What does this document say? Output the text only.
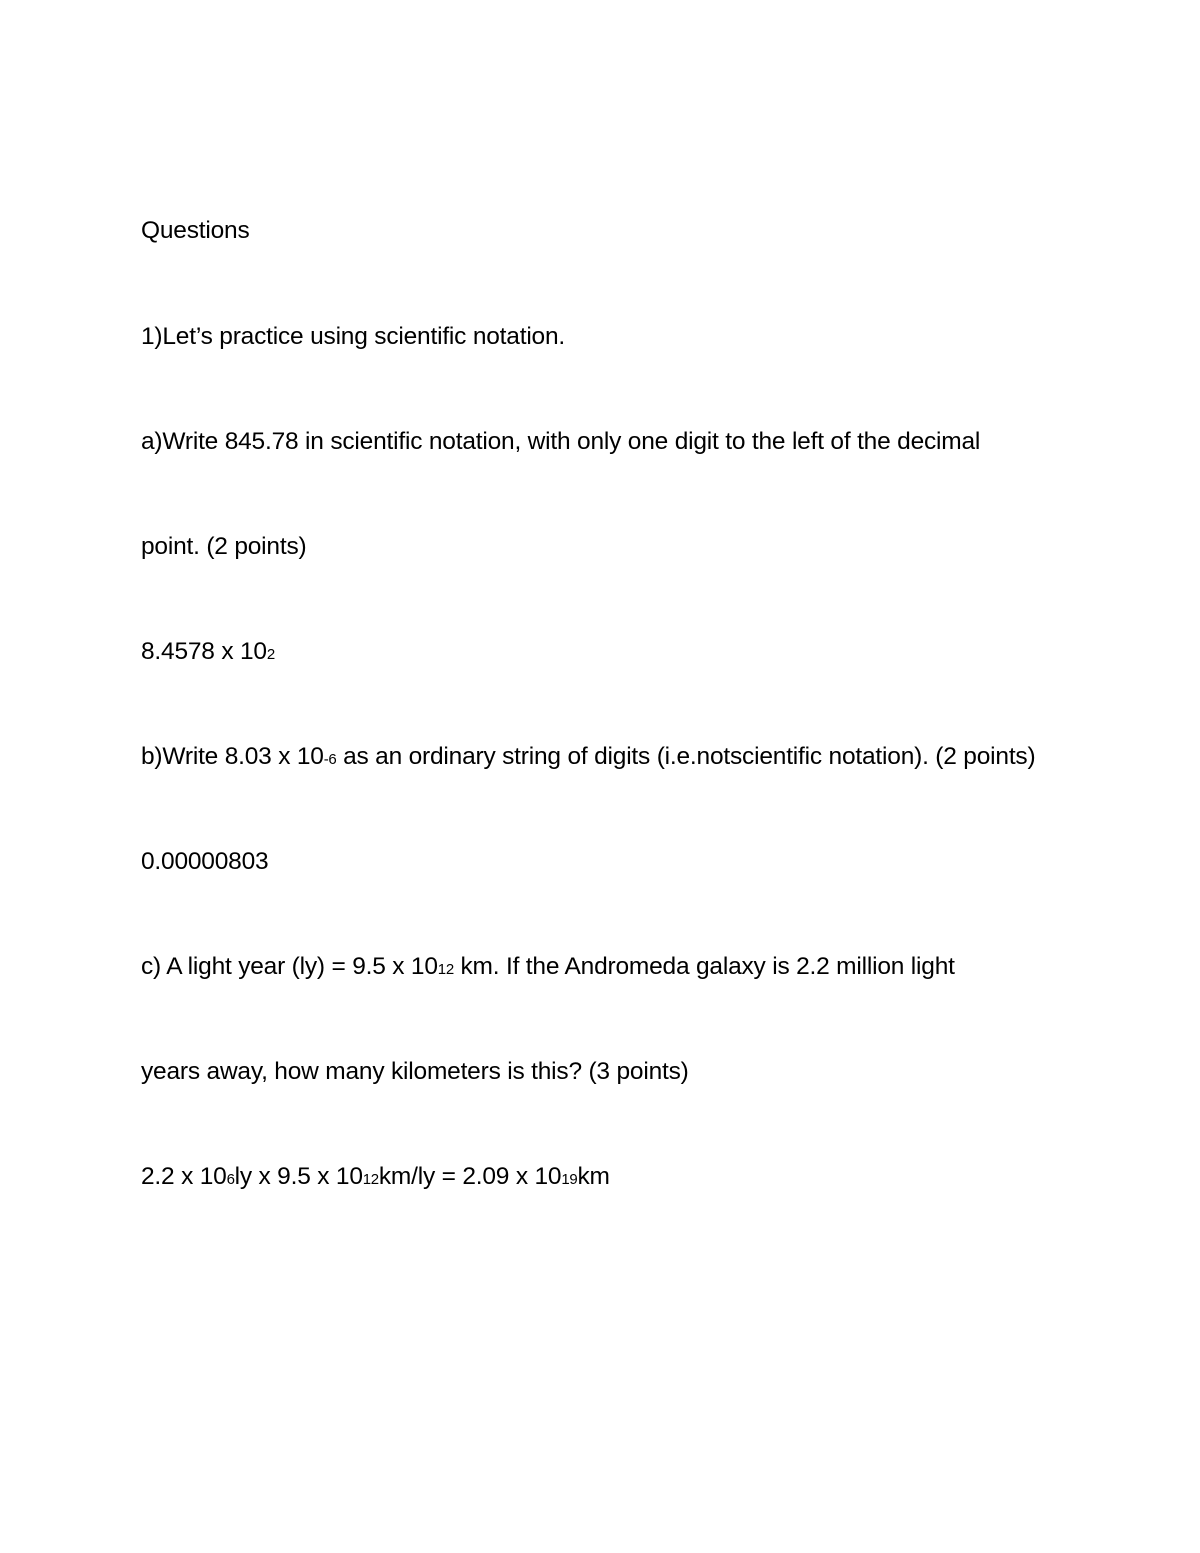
Questions
1)Let’s practice using scientific notation.
a)Write 845.78 in scientific notation, with only one digit to the left of the decimal
point. (2 points)
8.4578 x 102
b)Write 8.03 x 10-6 as an ordinary string of digits (i.e.notscientific notation). (2 points)
0.00000803
c) A light year (ly) = 9.5 x 1012 km. If the Andromeda galaxy is 2.2 million light
years away, how many kilometers is this? (3 points)
2.2 x 106ly x 9.5 x 1012km/ly = 2.09 x 1019km
